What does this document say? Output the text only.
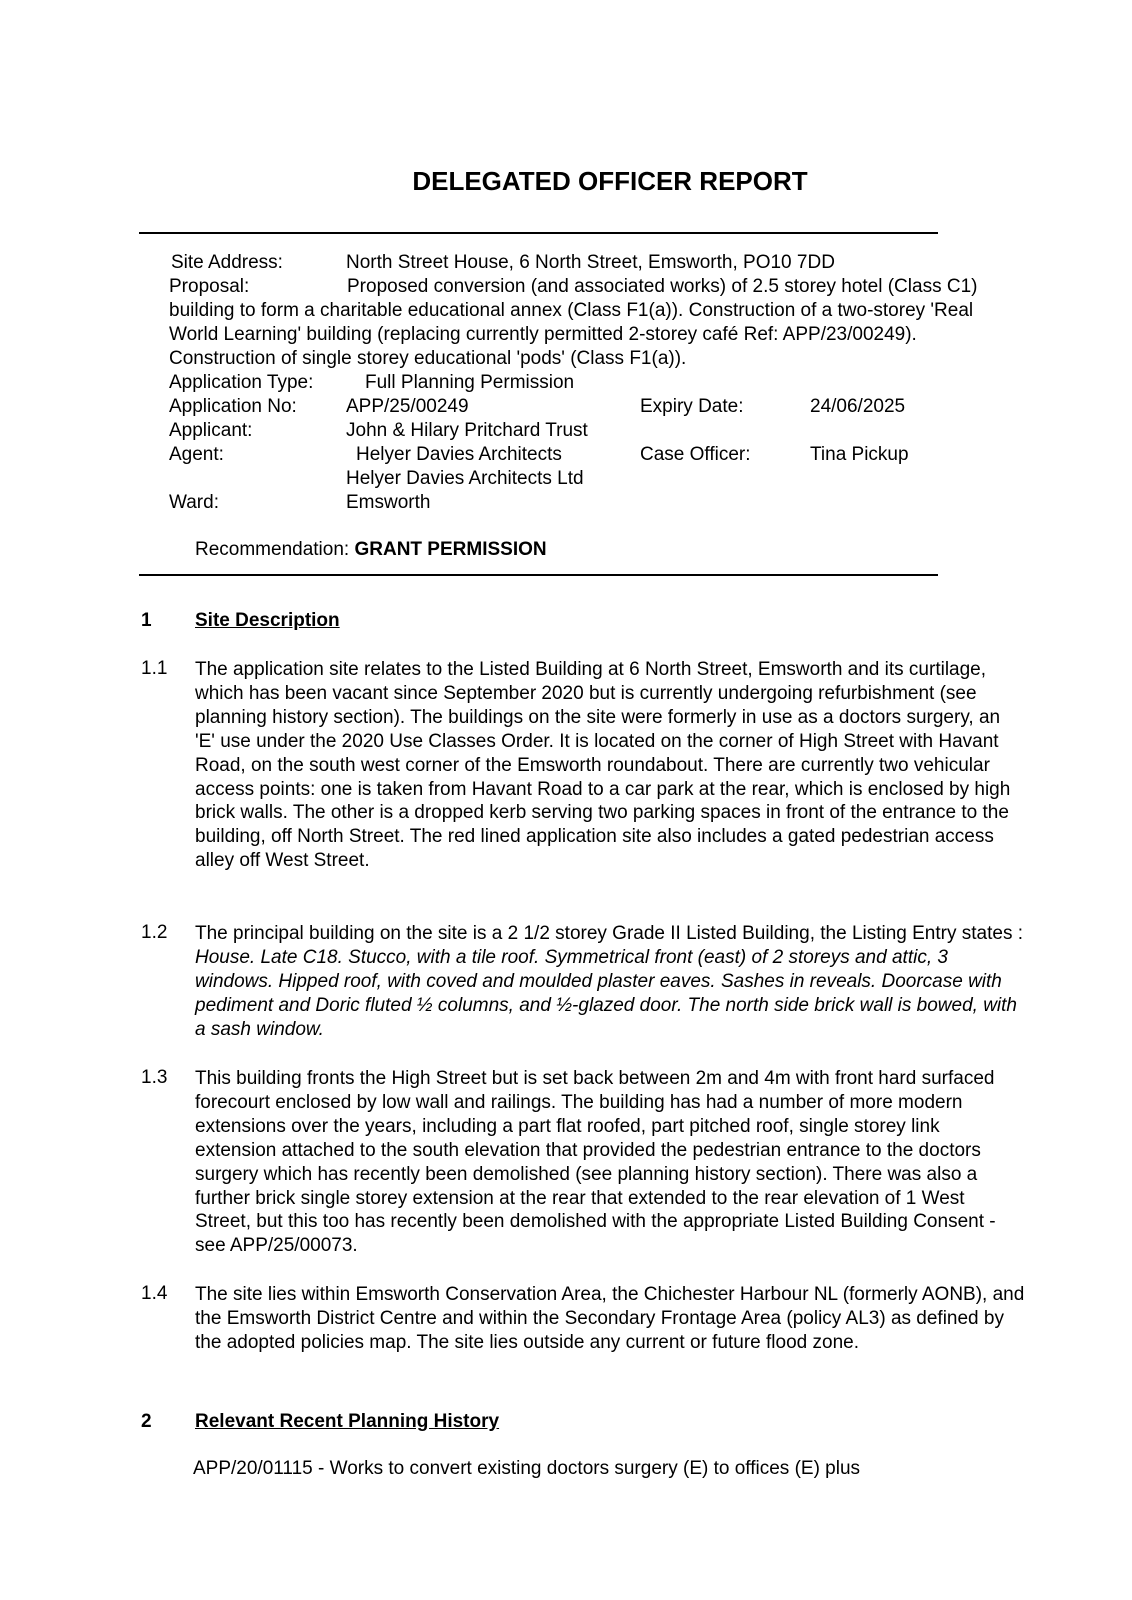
DELEGATED OFFICER REPORT
Site Address:	North Street House, 6 North Street, Emsworth, PO10 7DD
Proposal:	Proposed conversion (and associated works) of 2.5 storey hotel (Class C1) building to form a charitable educational annex (Class F1(a)). Construction of a two-storey 'Real World Learning' building (replacing currently permitted 2-storey café Ref: APP/23/00249). Construction of single storey educational 'pods' (Class F1(a)).
Application Type:	Full Planning Permission
Application No:	APP/25/00249	Expiry Date:	24/06/2025
Applicant:	John & Hilary Pritchard Trust
Agent:	Helyer Davies Architects	Case Officer:	Tina Pickup
Helyer Davies Architects Ltd
Ward:	Emsworth
Recommendation: GRANT PERMISSION
1 Site Description
1.1 The application site relates to the Listed Building at 6 North Street, Emsworth and its curtilage, which has been vacant since September 2020 but is currently undergoing refurbishment (see planning history section). The buildings on the site were formerly in use as a doctors surgery, an 'E' use under the 2020 Use Classes Order. It is located on the corner of High Street with Havant Road, on the south west corner of the Emsworth roundabout. There are currently two vehicular access points: one is taken from Havant Road to a car park at the rear, which is enclosed by high brick walls. The other is a dropped kerb serving two parking spaces in front of the entrance to the building, off North Street. The red lined application site also includes a gated pedestrian access alley off West Street.
1.2 The principal building on the site is a 2 1/2 storey Grade II Listed Building, the Listing Entry states : House. Late C18. Stucco, with a tile roof. Symmetrical front (east) of 2 storeys and attic, 3 windows. Hipped roof, with coved and moulded plaster eaves. Sashes in reveals. Doorcase with pediment and Doric fluted ½ columns, and ½-glazed door. The north side brick wall is bowed, with a sash window.
1.3 This building fronts the High Street but is set back between 2m and 4m with front hard surfaced forecourt enclosed by low wall and railings. The building has had a number of more modern extensions over the years, including a part flat roofed, part pitched roof, single storey link extension attached to the south elevation that provided the pedestrian entrance to the doctors surgery which has recently been demolished (see planning history section). There was also a further brick single storey extension at the rear that extended to the rear elevation of 1 West Street, but this too has recently been demolished with the appropriate Listed Building Consent - see APP/25/00073.
1.4 The site lies within Emsworth Conservation Area, the Chichester Harbour NL (formerly AONB), and the Emsworth District Centre and within the Secondary Frontage Area (policy AL3) as defined by the adopted policies map. The site lies outside any current or future flood zone.
2 Relevant Recent Planning History
APP/20/01115 - Works to convert existing doctors surgery (E) to offices (E) plus
